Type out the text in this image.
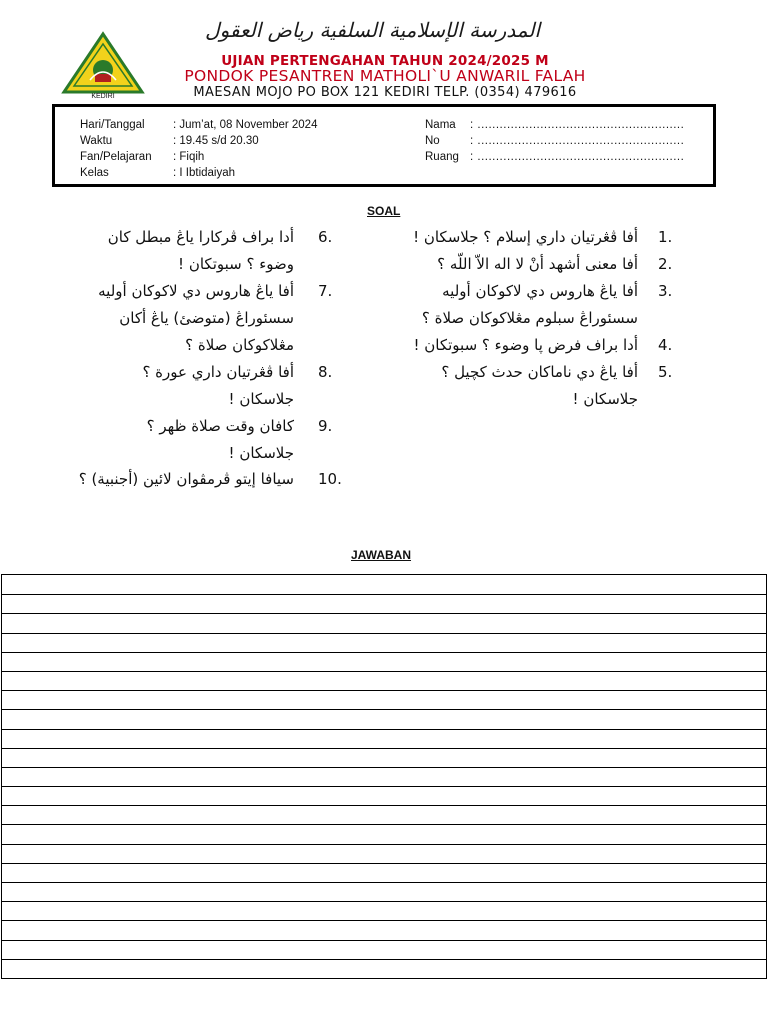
KEDIRI
المدرسة الإسلامية السلفية رياض العقول
UJIAN PERTENGAHAN TAHUN 2024/2025 M
PONDOK PESANTREN MATHOLI`U ANWARIL FALAH
MAESAN MOJO PO BOX 121 KEDIRI TELP. (0354) 479616
Hari/Tanggal : Jum’at, 08 November 2024	Nama : ........................................................
Waktu	: 19.45 s/d 20.30	No	: ........................................................
Fan/Pelajaran : Fiqih	Ruang : ........................................................
Kelas	: I Ibtidaiyah
SOAL
1.
أفا ڤڠرتيان داري إسلام ؟ جلاسكان !
2.
أفا معنى أشهد أنْ لا اله الاّ اللّه ؟
3.
أفا ياڠ هاروس دي لاكوكان أوليه
سسئوراڠ سبلوم مڠلاكوكان صلاة ؟
4.
أدا براف فرض ڽا وضوء ؟ سبوتكان !
5.
أفا ياڠ دي ناماكان حدث كچيل ؟
جلاسكان !
6.
أدا براف ڤركارا ياڠ مبطل كان
وضوء ؟ سبوتكان !
7.
أفا ياڠ هاروس دي لاكوكان أوليه
سسئوراڠ (متوضئ) ياڠ أكان
مڠلاكوكان صلاة ؟
8.
أفا ڤڠرتيان داري عورة ؟
جلاسكان !
9.
كافان وقت صلاة ظهر ؟
جلاسكان !
10.
سيافا إيتو ڤرمڤوان لائين (أجنبية) ؟
JAWABAN
